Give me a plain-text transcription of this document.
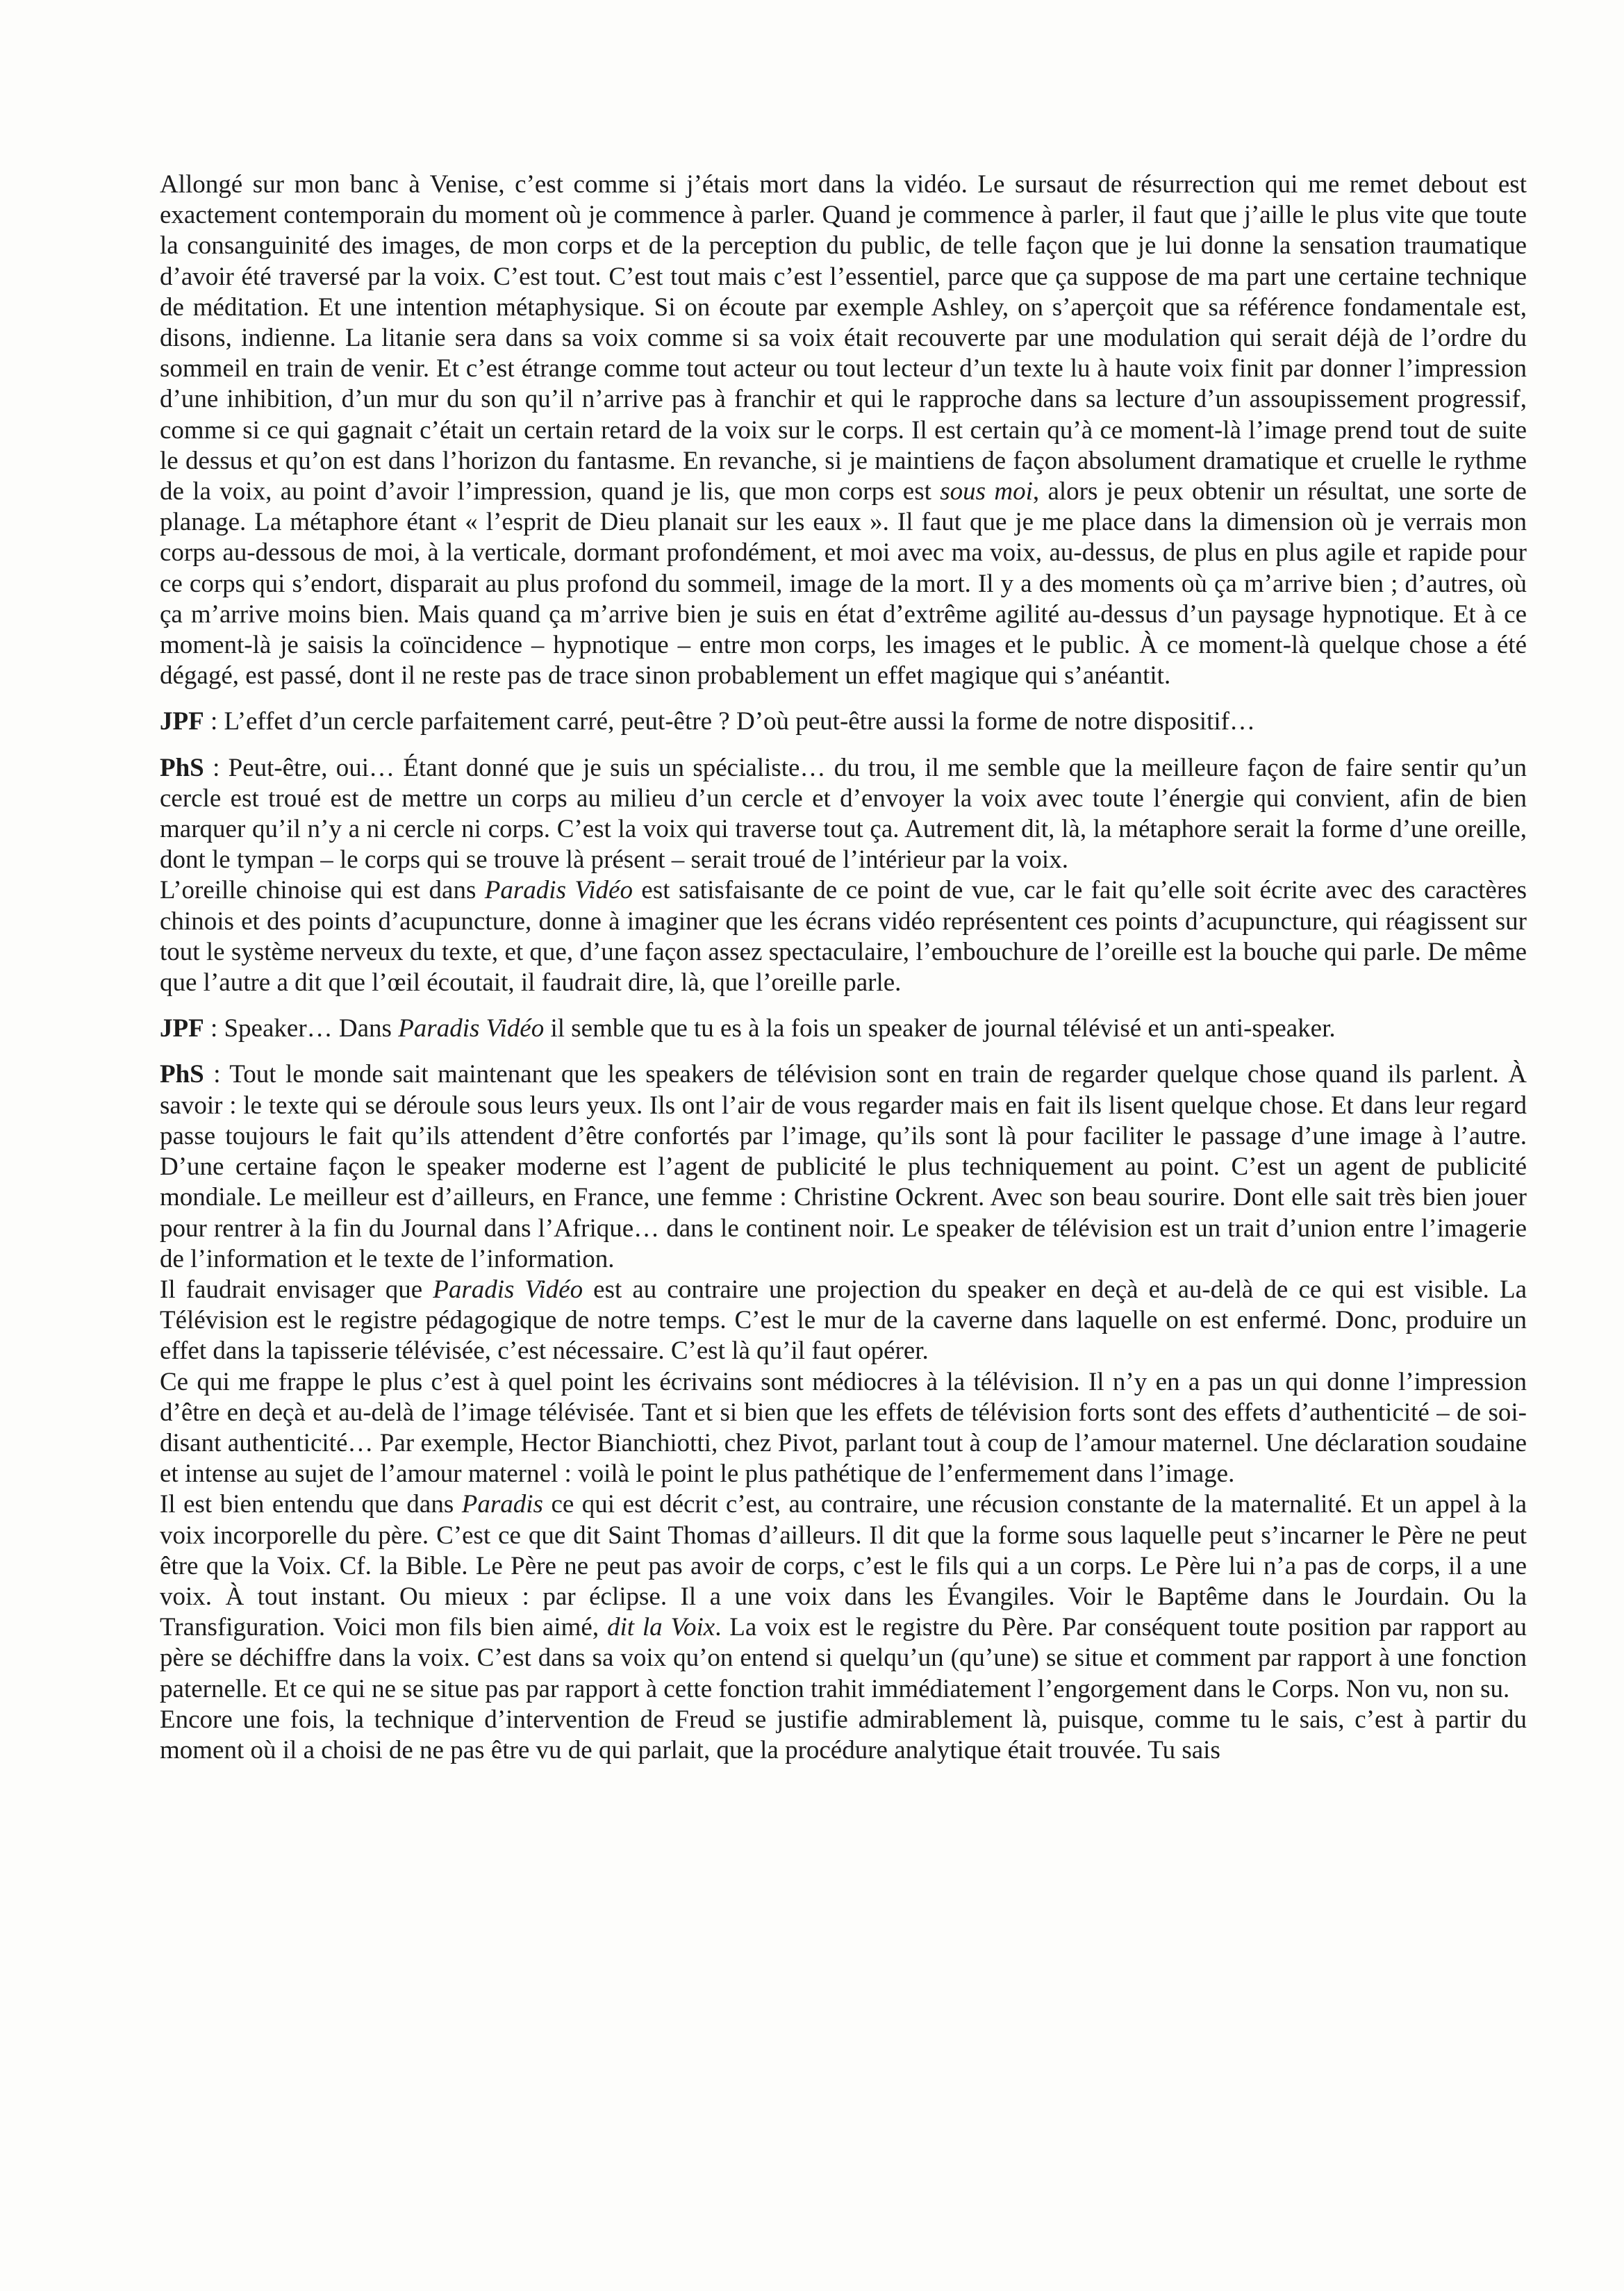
Allongé sur mon banc à Venise, c’est comme si j’étais mort dans la vidéo. Le sursaut de résurrection qui me remet debout est exactement contemporain du moment où je commence à parler. Quand je commence à parler, il faut que j’aille le plus vite que toute la consanguinité des images, de mon corps et de la perception du public, de telle façon que je lui donne la sensation traumatique d’avoir été traversé par la voix. C’est tout. C’est tout mais c’est l’essentiel, parce que ça suppose de ma part une certaine technique de méditation. Et une intention métaphysique. Si on écoute par exemple Ashley, on s’aperçoit que sa référence fondamentale est, disons, indienne. La litanie sera dans sa voix comme si sa voix était recouverte par une modulation qui serait déjà de l’ordre du sommeil en train de venir. Et c’est étrange comme tout acteur ou tout lecteur d’un texte lu à haute voix finit par donner l’impression d’une inhibition, d’un mur du son qu’il n’arrive pas à franchir et qui le rapproche dans sa lecture d’un assoupissement progressif, comme si ce qui gagnait c’était un certain retard de la voix sur le corps. Il est certain qu’à ce moment-là l’image prend tout de suite le dessus et qu’on est dans l’horizon du fantasme. En revanche, si je maintiens de façon absolument dramatique et cruelle le rythme de la voix, au point d’avoir l’impression, quand je lis, que mon corps est sous moi, alors je peux obtenir un résultat, une sorte de planage. La métaphore étant « l’esprit de Dieu planait sur les eaux ». Il faut que je me place dans la dimension où je verrais mon corps au-dessous de moi, à la verticale, dormant profondément, et moi avec ma voix, au-dessus, de plus en plus agile et rapide pour ce corps qui s’endort, disparait au plus profond du sommeil, image de la mort. Il y a des moments où ça m’arrive bien ; d’autres, où ça m’arrive moins bien. Mais quand ça m’arrive bien je suis en état d’extrême agilité au-dessus d’un paysage hypnotique. Et à ce moment-là je saisis la coïncidence – hypnotique – entre mon corps, les images et le public. À ce moment-là quelque chose a été dégagé, est passé, dont il ne reste pas de trace sinon probablement un effet magique qui s’anéantit.

JPF : L’effet d’un cercle parfaitement carré, peut-être ? D’où peut-être aussi la forme de notre dispositif…

PhS : Peut-être, oui… Étant donné que je suis un spécialiste… du trou, il me semble que la meilleure façon de faire sentir qu’un cercle est troué est de mettre un corps au milieu d’un cercle et d’envoyer la voix avec toute l’énergie qui convient, afin de bien marquer qu’il n’y a ni cercle ni corps. C’est la voix qui traverse tout ça. Autrement dit, là, la métaphore serait la forme d’une oreille, dont le tympan – le corps qui se trouve là présent – serait troué de l’intérieur par la voix.

L’oreille chinoise qui est dans Paradis Vidéo est satisfaisante de ce point de vue, car le fait qu’elle soit écrite avec des caractères chinois et des points d’acupuncture, donne à imaginer que les écrans vidéo représentent ces points d’acupuncture, qui réagissent sur tout le système nerveux du texte, et que, d’une façon assez spectaculaire, l’embouchure de l’oreille est la bouche qui parle. De même que l’autre a dit que l’œil écoutait, il faudrait dire, là, que l’oreille parle.

JPF : Speaker… Dans Paradis Vidéo il semble que tu es à la fois un speaker de journal télévisé et un anti-speaker.

PhS : Tout le monde sait maintenant que les speakers de télévision sont en train de regarder quelque chose quand ils parlent. À savoir : le texte qui se déroule sous leurs yeux. Ils ont l’air de vous regarder mais en fait ils lisent quelque chose. Et dans leur regard passe toujours le fait qu’ils attendent d’être confortés par l’image, qu’ils sont là pour faciliter le passage d’une image à l’autre. D’une certaine façon le speaker moderne est l’agent de publicité le plus techniquement au point. C’est un agent de publicité mondiale. Le meilleur est d’ailleurs, en France, une femme : Christine Ockrent. Avec son beau sourire. Dont elle sait très bien jouer pour rentrer à la fin du Journal dans l’Afrique… dans le continent noir. Le speaker de télévision est un trait d’union entre l’imagerie de l’information et le texte de l’information.

Il faudrait envisager que Paradis Vidéo est au contraire une projection du speaker en deçà et au-delà de ce qui est visible. La Télévision est le registre pédagogique de notre temps. C’est le mur de la caverne dans laquelle on est enfermé. Donc, produire un effet dans la tapisserie télévisée, c’est nécessaire. C’est là qu’il faut opérer.

Ce qui me frappe le plus c’est à quel point les écrivains sont médiocres à la télévision. Il n’y en a pas un qui donne l’impression d’être en deçà et au-delà de l’image télévisée. Tant et si bien que les effets de télévision forts sont des effets d’authenticité – de soi-disant authenticité… Par exemple, Hector Bianchiotti, chez Pivot, parlant tout à coup de l’amour maternel. Une déclaration soudaine et intense au sujet de l’amour maternel : voilà le point le plus pathétique de l’enfermement dans l’image.

Il est bien entendu que dans Paradis ce qui est décrit c’est, au contraire, une récusion constante de la maternalité. Et un appel à la voix incorporelle du père. C’est ce que dit Saint Thomas d’ailleurs. Il dit que la forme sous laquelle peut s’incarner le Père ne peut être que la Voix. Cf. la Bible. Le Père ne peut pas avoir de corps, c’est le fils qui a un corps. Le Père lui n’a pas de corps, il a une voix. À tout instant. Ou mieux : par éclipse. Il a une voix dans les Évangiles. Voir le Baptême dans le Jourdain. Ou la Transfiguration. Voici mon fils bien aimé, dit la Voix. La voix est le registre du Père. Par conséquent toute position par rapport au père se déchiffre dans la voix. C’est dans sa voix qu’on entend si quelqu’un (qu’une) se situe et comment par rapport à une fonction paternelle. Et ce qui ne se situe pas par rapport à cette fonction trahit immédiatement l’engorgement dans le Corps. Non vu, non su.

Encore une fois, la technique d’intervention de Freud se justifie admirablement là, puisque, comme tu le sais, c’est à partir du moment où il a choisi de ne pas être vu de qui parlait, que la procédure analytique était trouvée. Tu sais
